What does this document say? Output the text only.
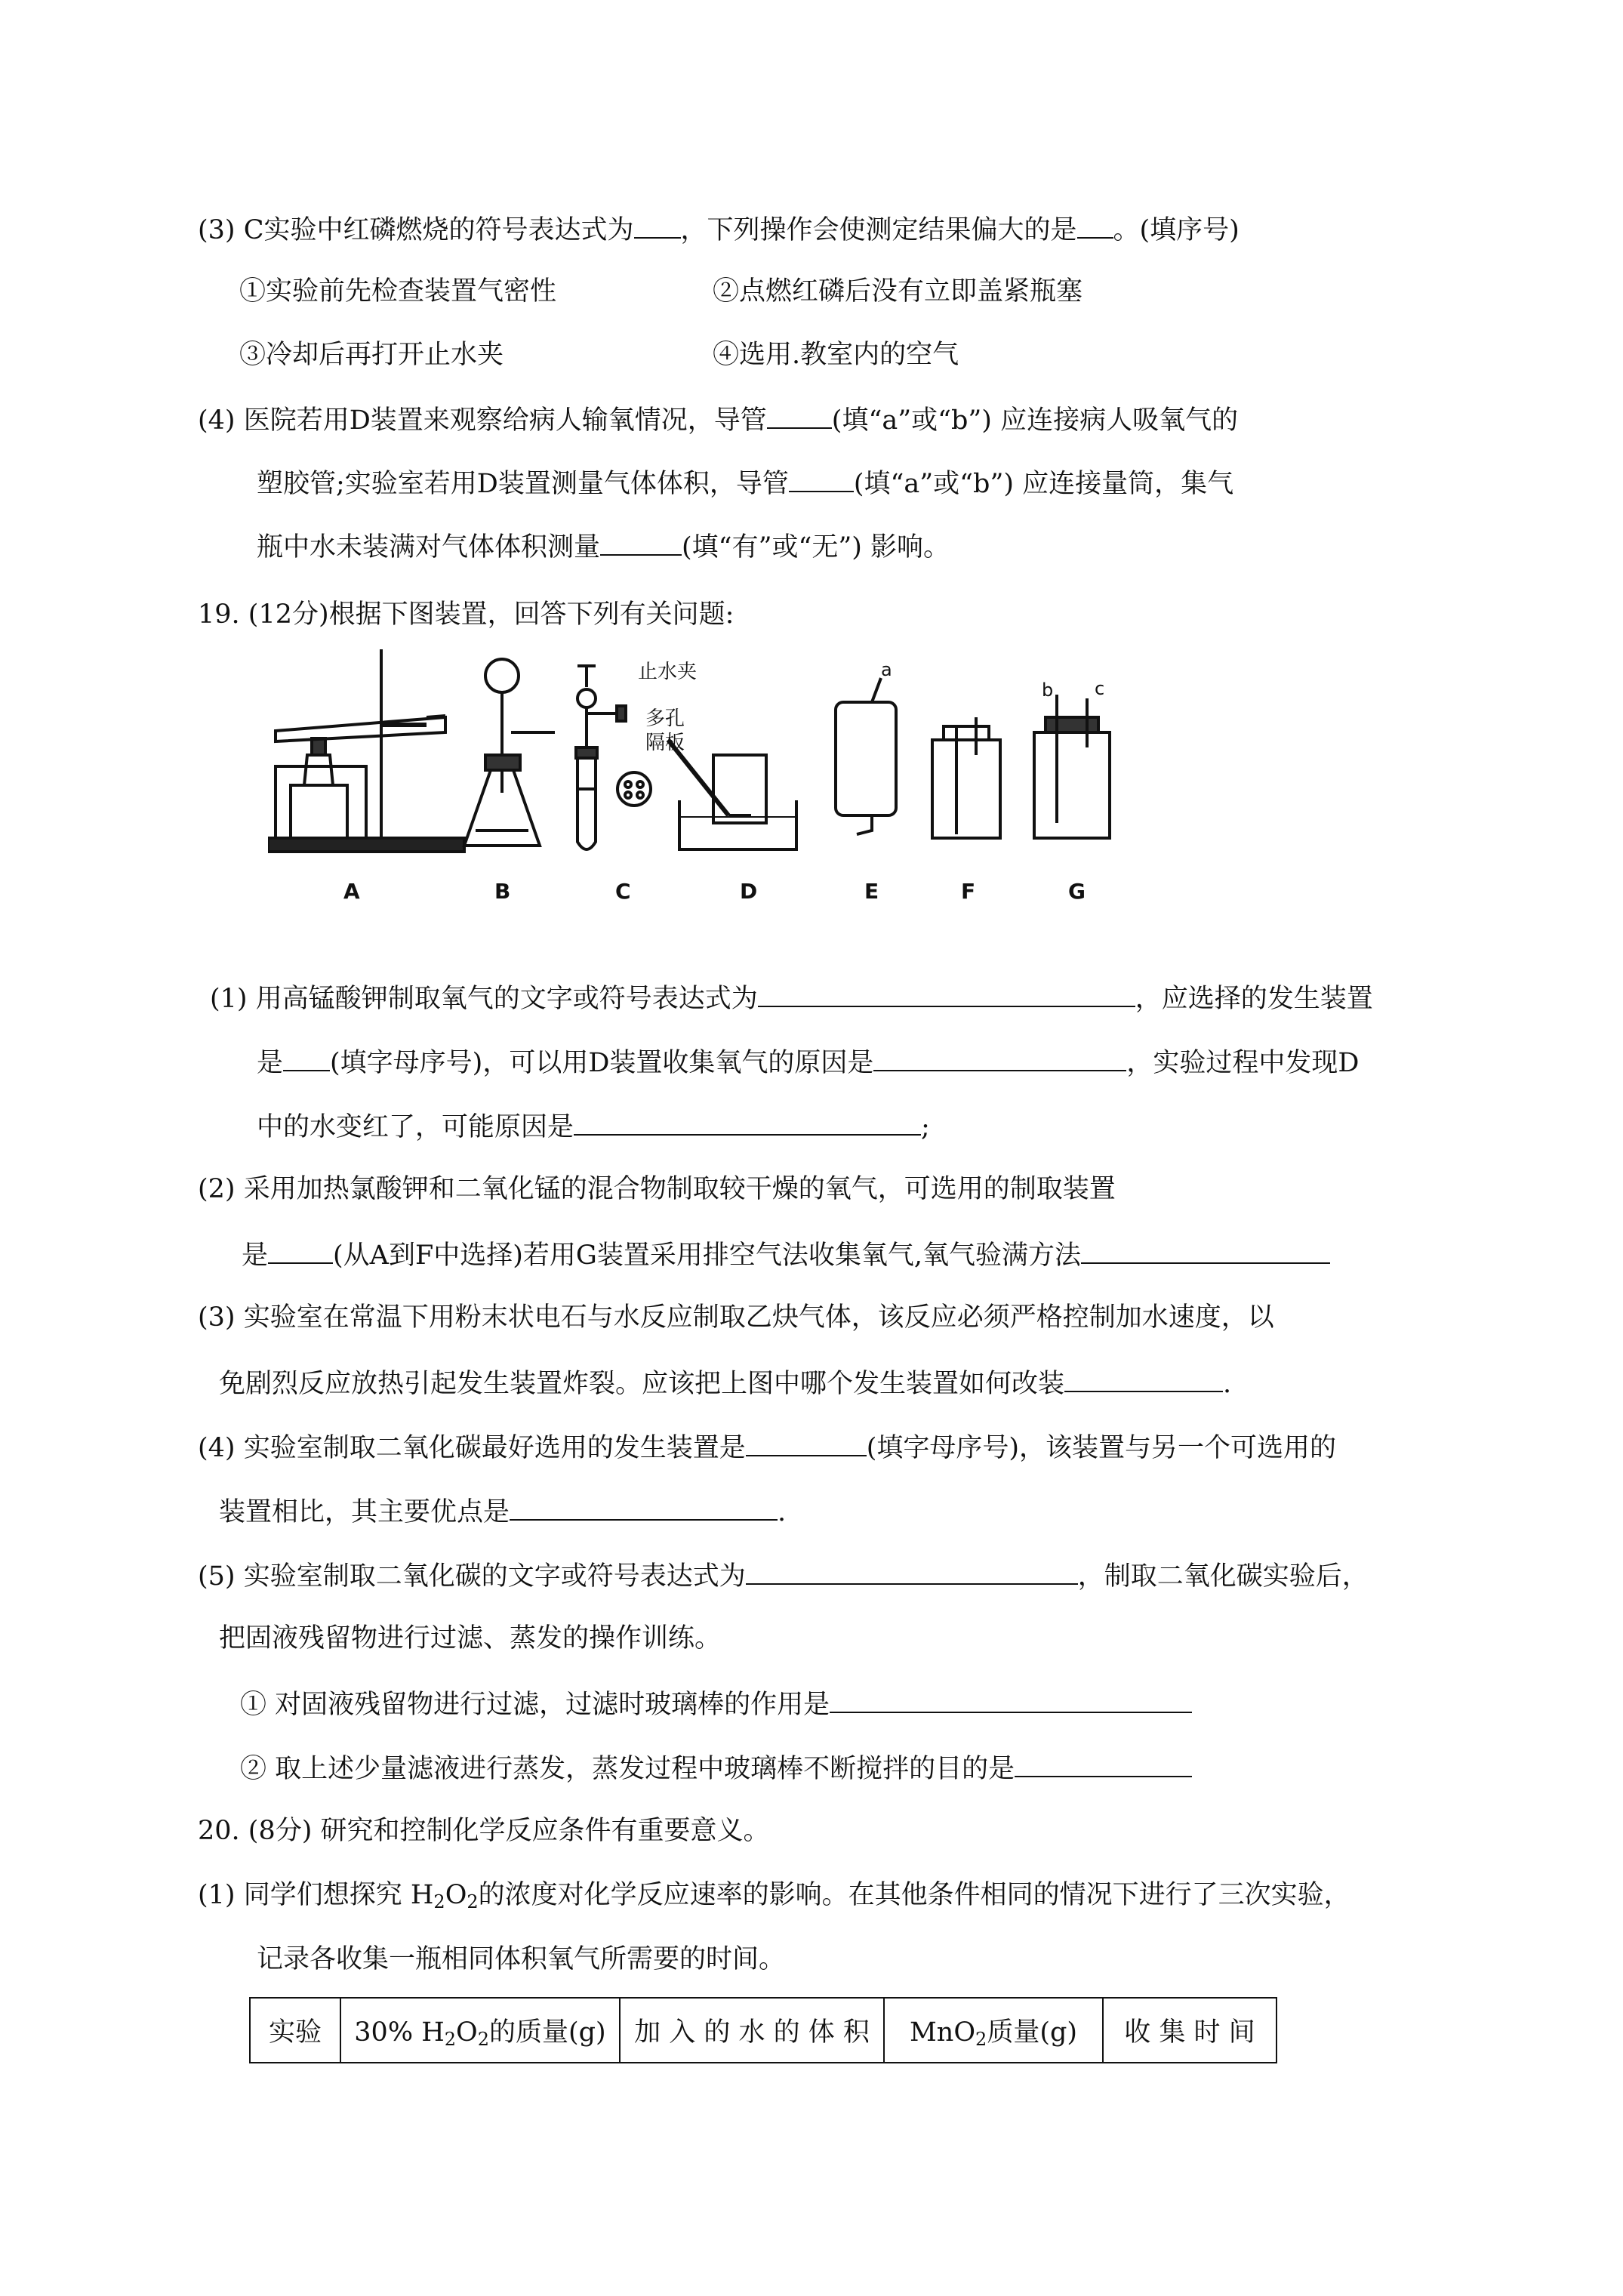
(3) C实验中红磷燃烧的符号表达式为 ，下列操作会使测定结果偏大的是 。(填序号)
①实验前先检查装置气密性	②点燃红磷后没有立即盖紧瓶塞
③冷却后再打开止水夹	④选用.教室内的空气
(4) 医院若用D装置来观察给病人输氧情况，导管 (填“a”或“b”) 应连接病人吸氧气的
塑胶管;实验室若用D装置测量气体体积，导管 (填“a”或“b”) 应连接量筒，集气
瓶中水未装满对气体体积测量	(填“有”或“无”) 影响。
19. (12分)根据下图装置，回答下列有关问题:
止水夹
多孔
隔板
a
b c
A	B	C	D	E	F	G
(1) 用高锰酸钾制取氧气的文字或符号表达式为	，应选择的发生装置
是 (填字母序号)，可以用D装置收集氧气的原因是	，实验过程中发现D
中的水变红了，可能原因是	;
(2) 采用加热氯酸钾和二氧化锰的混合物制取较干燥的氧气，可选用的制取装置
是 (从A到F中选择)若用G装置采用排空气法收集氧气,氧气验满方法
(3) 实验室在常温下用粉末状电石与水反应制取乙炔气体，该反应必须严格控制加水速度，以
免剧烈反应放热引起发生装置炸裂。应该把上图中哪个发生装置如何改装	.
(4) 实验室制取二氧化碳最好选用的发生装置是	(填字母序号)，该装置与另一个可选用的
装置相比，其主要优点是	.
(5) 实验室制取二氧化碳的文字或符号表达式为	，制取二氧化碳实验后，
把固液残留物进行过滤、蒸发的操作训练。
① 对固液残留物进行过滤，过滤时玻璃棒的作用是
② 取上述少量滤液进行蒸发，蒸发过程中玻璃棒不断搅拌的目的是
20. (8分) 研究和控制化学反应条件有重要意义。
(1) 同学们想探究 $H_2O_2$的浓度对化学反应速率的影响。在其他条件相同的情况下进行了三次实验，
记录各收集一瓶相同体积氧气所需要的时间。
实验	30% $H_2O_2$的质量(g)	加 入 的 水 的 体 积	MnO$_2$质量(g)	收 集 时 间
